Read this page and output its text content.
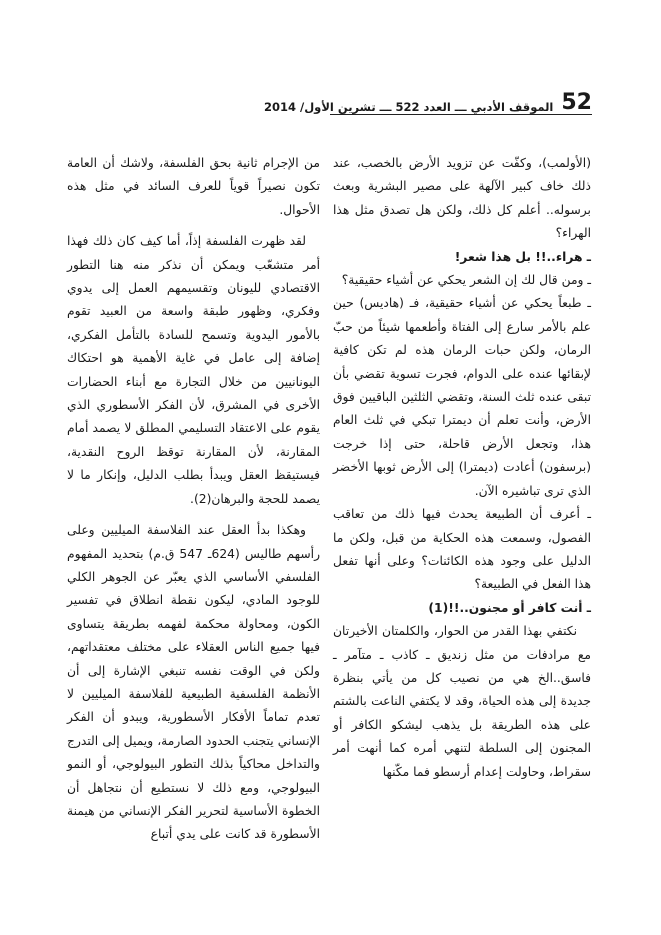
52
الموقف الأدبي ـــ العدد 522 ـــ تشرين الأول/ 2014

(الأولمب)، وكفّت عن تزويد الأرض بالخصب، عند ذلك خاف كبير الآلهة على مصير البشرية وبعث برسوله.. أعلم كل ذلك، ولكن هل تصدق مثل هذا الهراء؟

ـ هراء..!! بل هذا شعر!

ـ ومن قال لك إن الشعر يحكي عن أشياء حقيقية؟

ـ طبعاً يحكي عن أشياء حقيقية، فـ (هاديس) حين علم بالأمر سارع إلى الفتاة وأطعمها شيئاً من حبّ الرمان، ولكن حبات الرمان هذه لم تكن كافية لإبقائها عنده على الدوام، فجرت تسوية تقضي بأن تبقى عنده ثلث السنة، وتقضي الثلثين الباقيين فوق الأرض، وأنت تعلم أن ديمترا تبكي في ثلث العام هذا، وتجعل الأرض قاحلة، حتى إذا خرجت (برسفون) أعادت (ديمترا) إلى الأرض ثوبها الأخضر الذي ترى تباشيره الآن.

ـ أعرف أن الطبيعة يحدث فيها ذلك من تعاقب الفصول، وسمعت هذه الحكاية من قبل، ولكن ما الدليل على وجود هذه الكائنات؟ وعلى أنها تفعل هذا الفعل في الطبيعة؟

ـ أنت كافر أو مجنون..!!(1)

نكتفي بهذا القدر من الحوار، والكلمتان الأخيرتان مع مرادفات من مثل زنديق ـ كاذب ـ متآمر ـ فاسق..الخ هي من نصيب كل من يأتي بنظرة جديدة إلى هذه الحياة، وقد لا يكتفي الناعت بالشتم على هذه الطريقة بل يذهب ليشكو الكافر أو المجنون إلى السلطة لتنهي أمره كما أنهت أمر سقراط، وحاولت إعدام أرسطو فما مكّنها

من الإجرام ثانية بحق الفلسفة، ولاشك أن العامة تكون نصيراً قوياً للعرف السائد في مثل هذه الأحوال.

لقد ظهرت الفلسفة إذاً، أما كيف كان ذلك فهذا أمر متشعّب ويمكن أن نذكر منه هنا التطور الاقتصادي لليونان وتقسيمهم العمل إلى يدوي وفكري، وظهور طبقة واسعة من العبيد تقوم بالأمور اليدوية وتسمح للسادة بالتأمل الفكري، إضافة إلى عامل في غاية الأهمية هو احتكاك اليونانيين من خلال التجارة مع أبناء الحضارات الأخرى في المشرق، لأن الفكر الأسطوري الذي يقوم على الاعتقاد التسليمي المطلق لا يصمد أمام المقارنة، لأن المقارنة توقظ الروح النقدية، فيستيقظ العقل ويبدأ بطلب الدليل، وإنكار ما لا يصمد للحجة والبرهان(2).

وهكذا بدأ العقل عند الفلاسفة الميليين وعلى رأسهم طاليس (624ـ 547 ق.م) بتحديد المفهوم الفلسفي الأساسي الذي يعبّر عن الجوهر الكلي للوجود المادي، ليكون نقطة انطلاق في تفسير الكون، ومحاولة محكمة لفهمه بطريقة يتساوى فيها جميع الناس العقلاء على مختلف معتقداتهم، ولكن في الوقت نفسه تنبغي الإشارة إلى أن الأنظمة الفلسفية الطبيعية للفلاسفة الميليين لا تعدم تماماً الأفكار الأسطورية، ويبدو أن الفكر الإنساني يتجنب الحدود الصارمة، ويميل إلى التدرج والتداخل محاكياً بذلك التطور البيولوجي، أو النمو البيولوجي، ومع ذلك لا نستطيع أن نتجاهل أن الخطوة الأساسية لتحرير الفكر الإنساني من هيمنة الأسطورة قد كانت على يدي أتباع
